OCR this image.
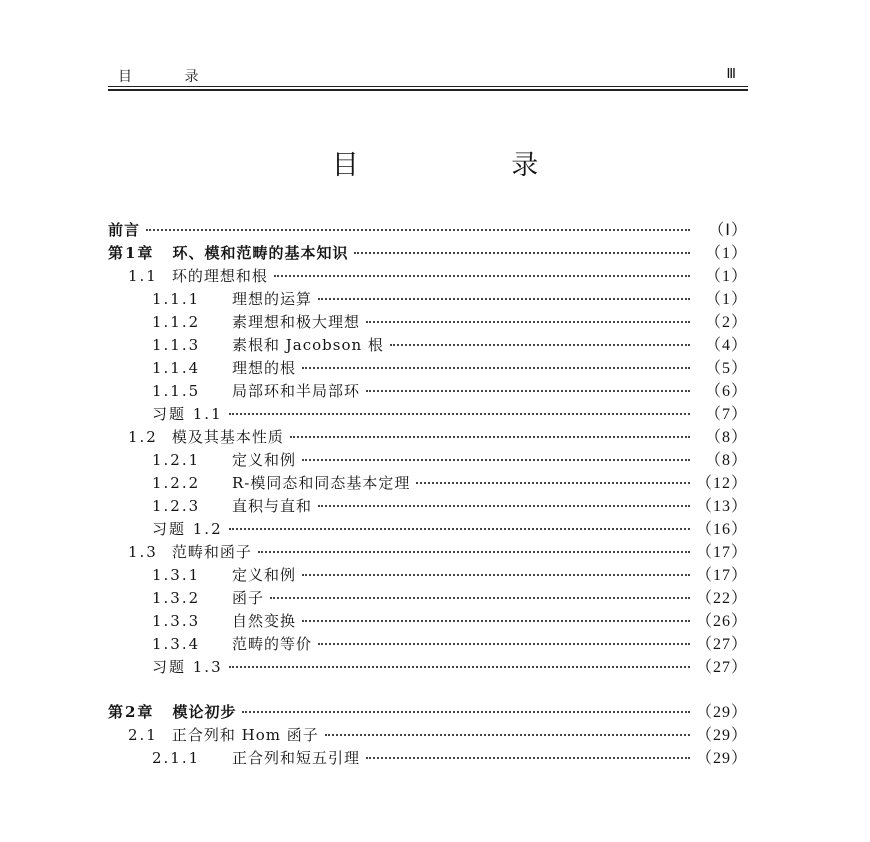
目 录	Ⅲ
目 录
前言	（Ⅰ）
第1章 环、模和范畴的基本知识	（1）
1.1 环的理想和根	（1）
1.1.1	理想的运算	（1）
1.1.2	素理想和极大理想	（2）
1.1.3	素根和 Jacobson 根	（4）
1.1.4	理想的根	（5）
1.1.5	局部环和半局部环	（6）
习题 1.1	（7）
1.2 模及其基本性质	（8）
1.2.1	定义和例	（8）
1.2.2	R-模同态和同态基本定理	（12）
1.2.3	直积与直和	（13）
习题 1.2	（16）
1.3 范畴和函子	（17）
1.3.1	定义和例	（17）
1.3.2	函子	（22）
1.3.3	自然变换	（26）
1.3.4	范畴的等价	（27）
习题 1.3	（27）
第2章 模论初步	（29）
2.1 正合列和 Hom 函子	（29）
2.1.1	正合列和短五引理	（29）
